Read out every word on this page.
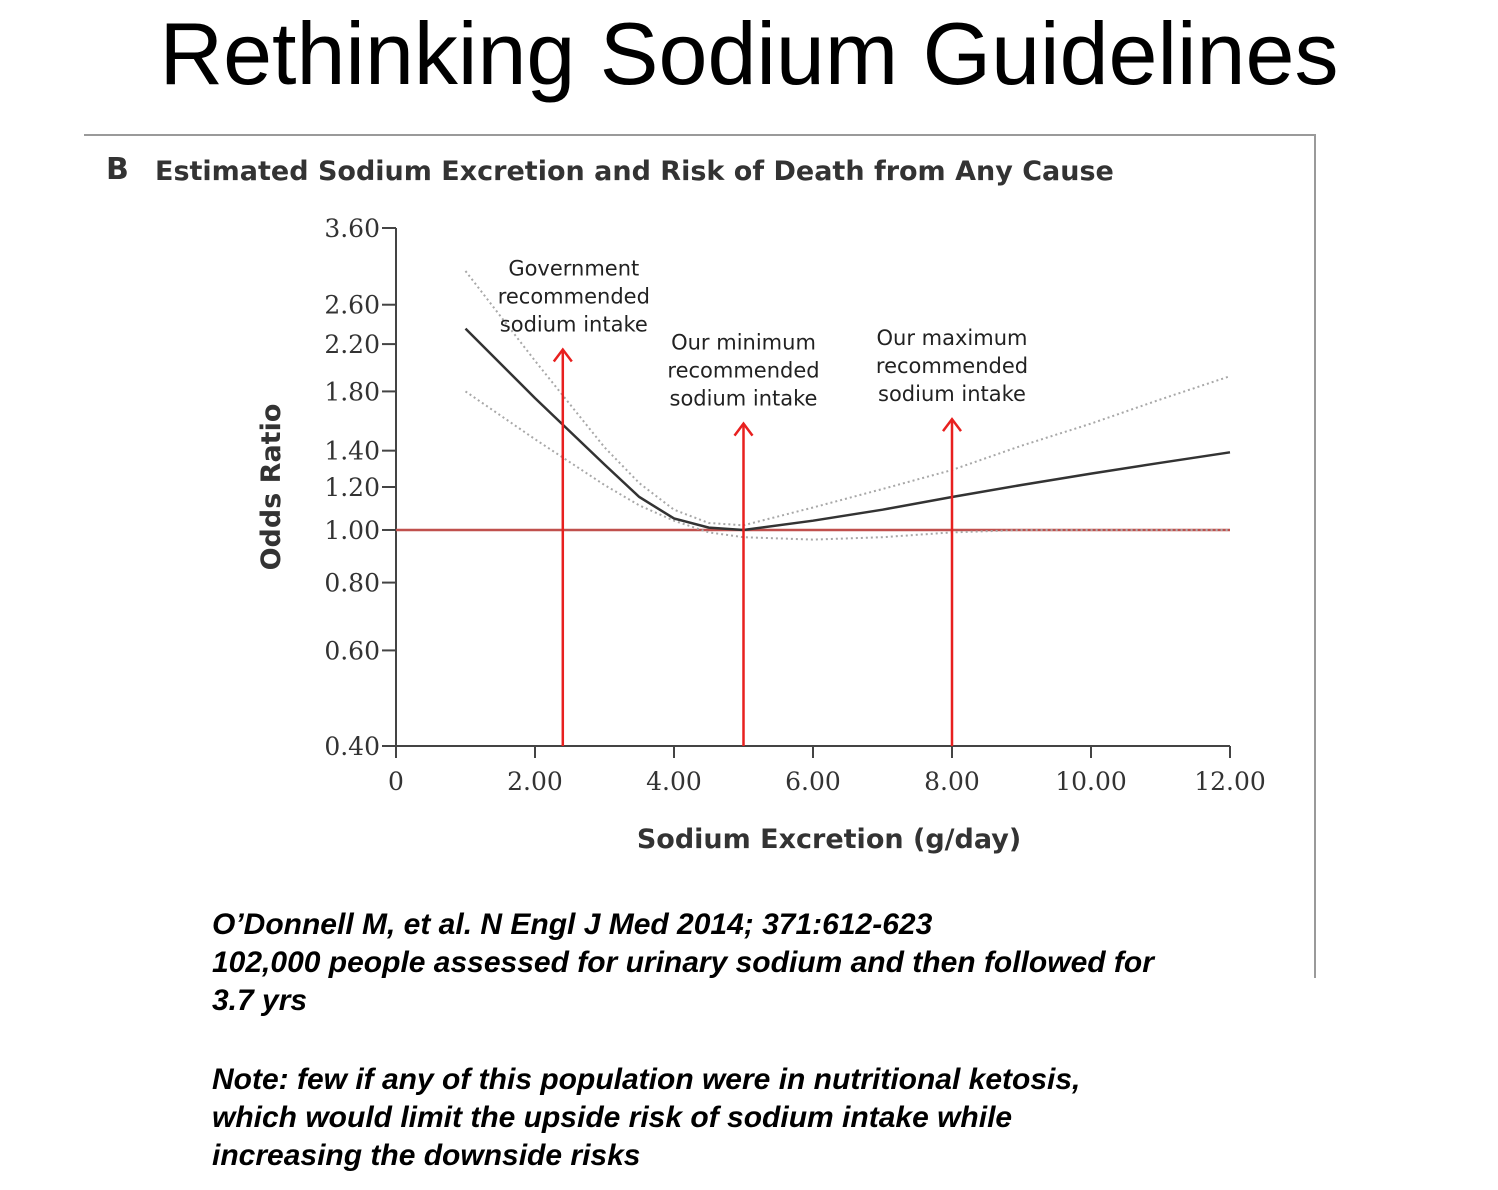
Rethinking Sodium Guidelines
B Estimated Sodium Excretion and Risk of Death from Any Cause
0.40
0.60
0.80
1.00
1.20
1.40
1.80
2.20
2.60
3.60
0	2.00	4.00	6.00	8.00	10.00	12.00
Sodium Excretion (g/day)
Odds Ratio
Government
recommended
sodium intake
Our minimum
recommended
sodium intake
Our maximum
recommended
sodium intake
O’Donnell M, et al. N Engl J Med 2014; 371:612-623
102,000 people assessed for urinary sodium and then followed for
3.7 yrs
Note: few if any of this population were in nutritional ketosis,
which would limit the upside risk of sodium intake while
increasing the downside risks
